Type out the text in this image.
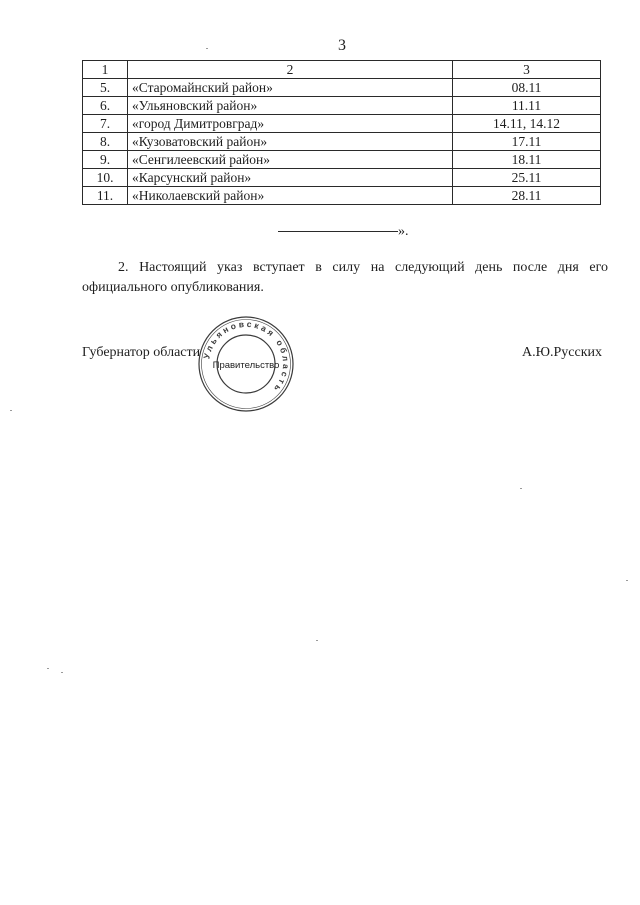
3
1	2	3
5.	«Старомайнский район»	08.11
6.	«Ульяновский район»	11.11
7.	«город Димитровград»	14.11, 14.12
8.	«Кузоватовский район»	17.11
9.	«Сенгилеевский район»	18.11
10.	«Карсунский район»	25.11
11.	«Николаевский район»	28.11
».
2. Настоящий указ вступает в силу на следующий день после дня его
официального опубликования.
Губернатор области	А.Ю.Русских
Ульяновская область
Правительство
